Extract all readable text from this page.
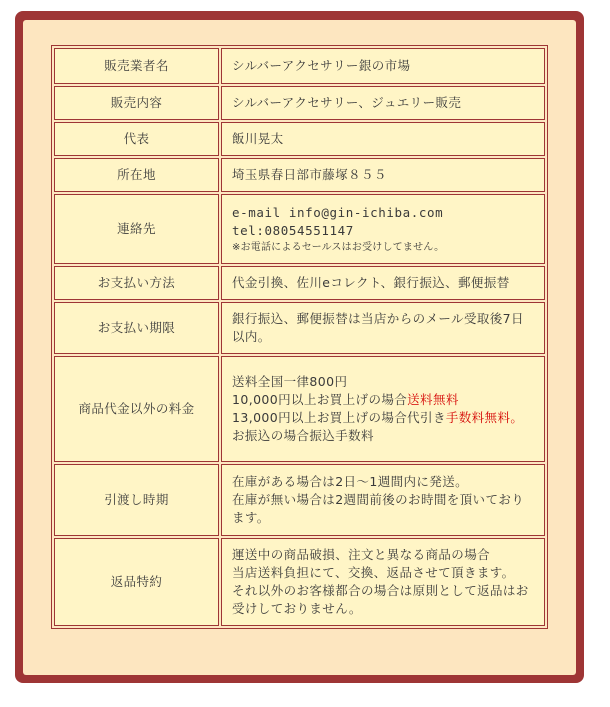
販売業者名	シルバーアクセサリー銀の市場
販売内容	シルバーアクセサリー、ジュエリー販売
代表	飯川晃太
所在地	埼玉県春日部市藤塚８５５
連絡先	e-mail info@gin-ichiba.com
tel:08054551147
※お電話によるセールスはお受けしてません。

お支払い方法	代金引換、佐川eコレクト、銀行振込、郵便振替
お支払い期限	銀行振込、郵便振替は当店からのメール受取後7日以内。
商品代金以外の料金	送料全国一律800円
10,000円以上お買上げの場合送料無料
13,000円以上お買上げの場合代引き手数料無料。
お振込の場合振込手数料

引渡し時期	在庫がある場合は2日～1週間内に発送。
在庫が無い場合は2週間前後のお時間を頂いております。

返品特約	運送中の商品破損、注文と異なる商品の場合
当店送料負担にて、交換、返品させて頂きます。
それ以外のお客様都合の場合は原則として返品はお受けしておりません。
